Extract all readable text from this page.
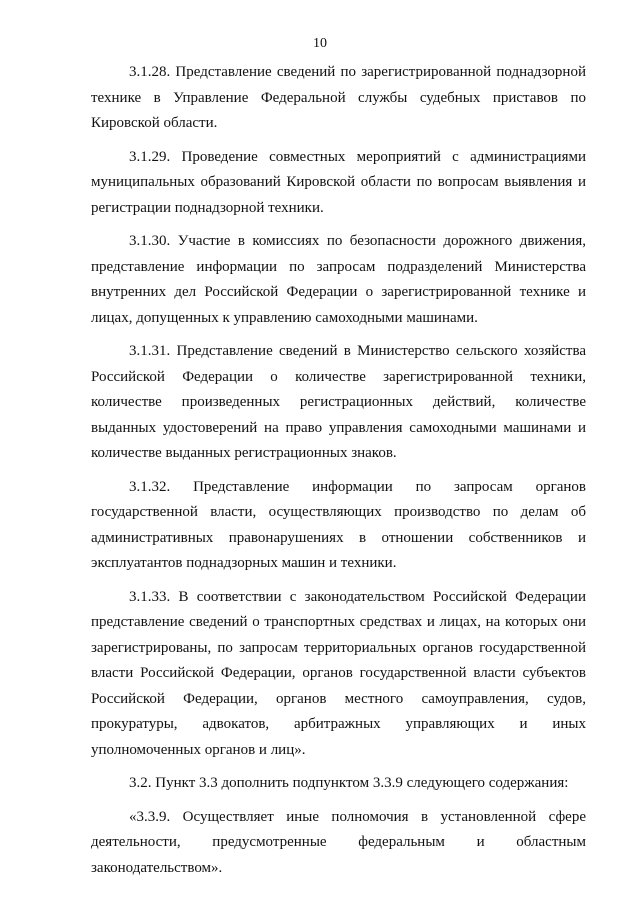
10

3.1.28. Представление сведений по зарегистрированной поднадзорной технике в Управление Федеральной службы судебных приставов по Кировской области.

3.1.29. Проведение совместных мероприятий с администрациями муниципальных образований Кировской области по вопросам выявления и регистрации поднадзорной техники.

3.1.30. Участие в комиссиях по безопасности дорожного движения, представление информации по запросам подразделений Министерства внутренних дел Российской Федерации о зарегистрированной технике и лицах, допущенных к управлению самоходными машинами.

3.1.31. Представление сведений в Министерство сельского хозяйства Российской Федерации о количестве зарегистрированной техники, количестве произведенных регистрационных действий, количестве выданных удостоверений на право управления самоходными машинами и количестве выданных регистрационных знаков.

3.1.32. Представление информации по запросам органов государственной власти, осуществляющих производство по делам об административных правонарушениях в отношении собственников и эксплуатантов поднадзорных машин и техники.

3.1.33. В соответствии с законодательством Российской Федерации представление сведений о транспортных средствах и лицах, на которых они зарегистрированы, по запросам территориальных органов государственной власти Российской Федерации, органов государственной власти субъектов Российской Федерации, органов местного самоуправления, судов, прокуратуры, адвокатов, арбитражных управляющих и иных уполномоченных органов и лиц».

3.2. Пункт 3.3 дополнить подпунктом 3.3.9 следующего содержания:

«3.3.9. Осуществляет иные полномочия в установленной сфере деятельности, предусмотренные федеральным и областным законодательством».
